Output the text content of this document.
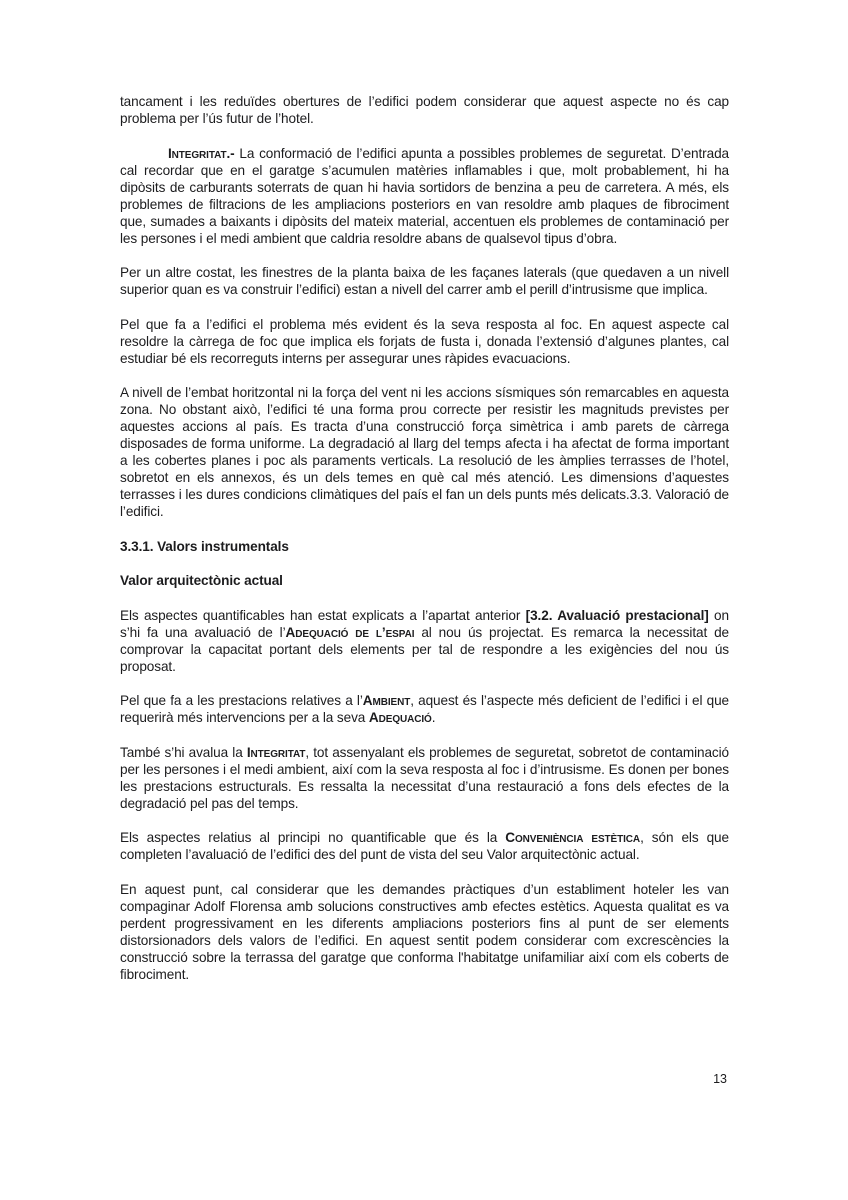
tancament i les reduïdes obertures de l’edifici podem considerar que aquest aspecte no és cap problema per l’ús futur de l’hotel.

Integritat.- La conformació de l’edifici apunta a possibles problemes de seguretat. D’entrada cal recordar que en el garatge s’acumulen matèries inflamables i que, molt probablement, hi ha dipòsits de carburants soterrats de quan hi havia sortidors de benzina a peu de carretera. A més, els problemes de filtracions de les ampliacions posteriors en van resoldre amb plaques de fibrociment que, sumades a baixants i dipòsits del mateix material, accentuen els problemes de contaminació per les persones i el medi ambient que caldria resoldre abans de qualsevol tipus d’obra.

Per un altre costat, les finestres de la planta baixa de les façanes laterals (que quedaven a un nivell superior quan es va construir l’edifici) estan a nivell del carrer amb el perill d’intrusisme que implica.

Pel que fa a l’edifici el problema més evident és la seva resposta al foc. En aquest aspecte cal resoldre la càrrega de foc que implica els forjats de fusta i, donada l’extensió d’algunes plantes, cal estudiar bé els recorreguts interns per assegurar unes ràpides evacuacions.

A nivell de l’embat horitzontal ni la força del vent ni les accions sísmiques són remarcables en aquesta zona. No obstant això, l’edifici té una forma prou correcte per resistir les magnituds previstes per aquestes accions al país. Es tracta d’una construcció força simètrica i amb parets de càrrega disposades de forma uniforme. La degradació al llarg del temps afecta i ha afectat de forma important a les cobertes planes i poc als paraments verticals. La resolució de les àmplies terrasses de l’hotel, sobretot en els annexos, és un dels temes en què cal més atenció. Les dimensions d’aquestes terrasses i les dures condicions climàtiques del país el fan un dels punts més delicats.3.3. Valoració de l’edifici.

3.3.1. Valors instrumentals
Valor arquitectònic actual

Els aspectes quantificables han estat explicats a l’apartat anterior [3.2. Avaluació prestacional] on s’hi fa una avaluació de l’Adequació de l’espai al nou ús projectat. Es remarca la necessitat de comprovar la capacitat portant dels elements per tal de respondre a les exigències del nou ús proposat.

Pel que fa a les prestacions relatives a l’Ambient, aquest és l’aspecte més deficient de l’edifici i el que requerirà més intervencions per a la seva Adequació.

També s’hi avalua la Integritat, tot assenyalant els problemes de seguretat, sobretot de contaminació per les persones i el medi ambient, així com la seva resposta al foc i d’intrusisme. Es donen per bones les prestacions estructurals. Es ressalta la necessitat d’una restauració a fons dels efectes de la degradació pel pas del temps.

Els aspectes relatius al principi no quantificable que és la Conveniència estètica, són els que completen l’avaluació de l’edifici des del punt de vista del seu Valor arquitectònic actual.

En aquest punt, cal considerar que les demandes pràctiques d’un establiment hoteler les van compaginar Adolf Florensa amb solucions constructives amb efectes estètics. Aquesta qualitat es va perdent progressivament en les diferents ampliacions posteriors fins al punt de ser elements distorsionadors dels valors de l’edifici. En aquest sentit podem considerar com excrescències la construcció sobre la terrassa del garatge que conforma l'habitatge unifamiliar així com els coberts de fibrociment.

13
